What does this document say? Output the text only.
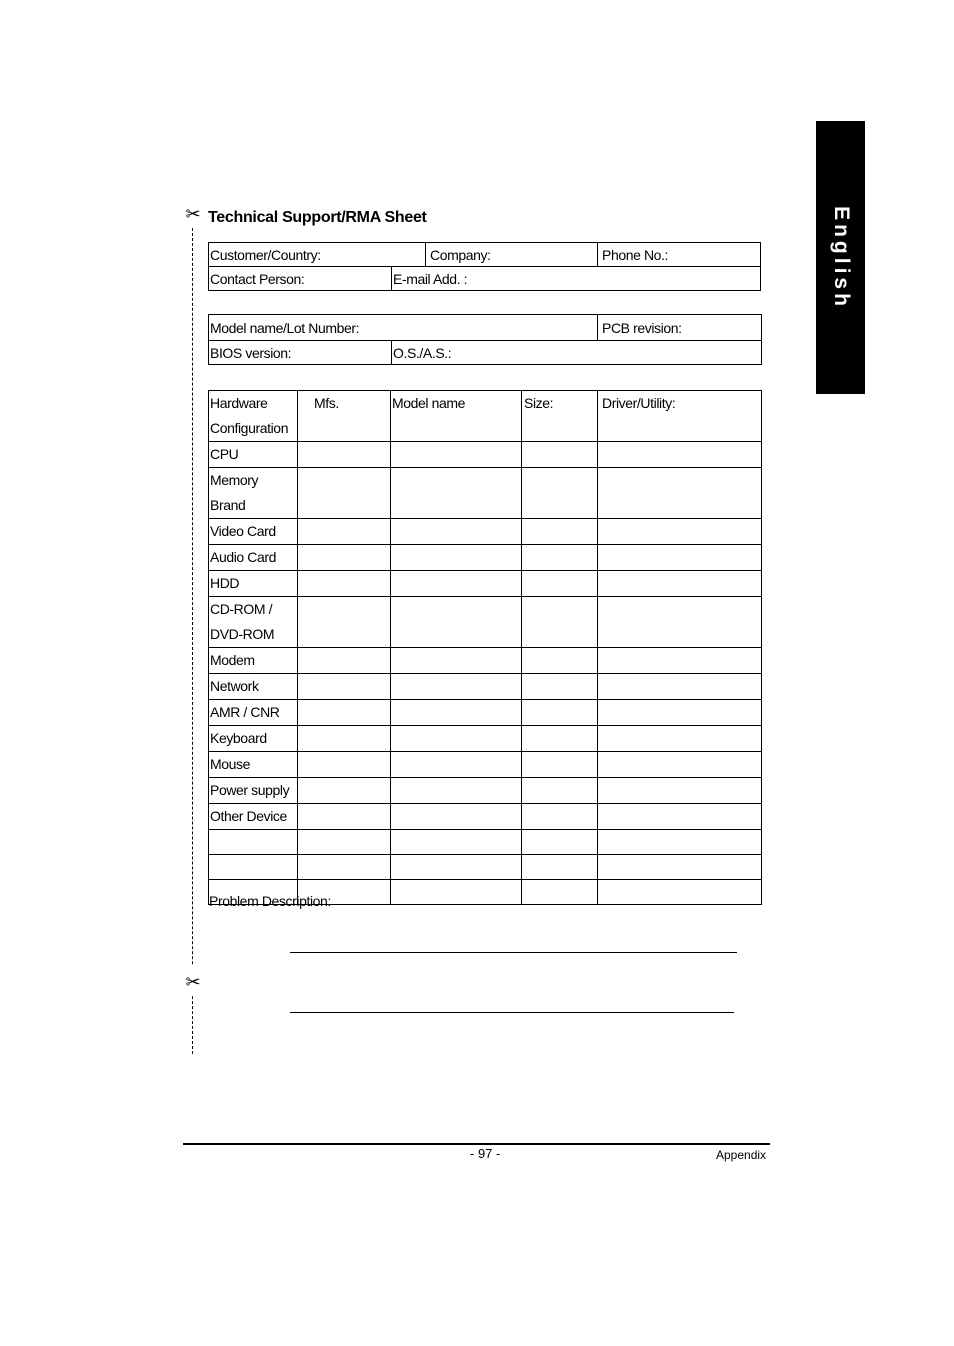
English
✂
✂
Technical Support/RMA Sheet
Customer/Country:		Company:	Phone No.:
Contact Person:	E-mail Add. :		
Model name/Lot Number:		PCB revision:
BIOS version:	O.S./A.S.:	
Hardware
Configuration	Mfs.	Model name	Size:	Driver/Utility:

CPU				

Memory
Brand				

Video Card				

Audio Card				

HDD				

CD-ROM /
DVD-ROM				

Modem				

Network				

AMR / CNR				

Keyboard				

Mouse				

Power supply				

Other Device				

Problem Description:
- 97 -	Appendix
